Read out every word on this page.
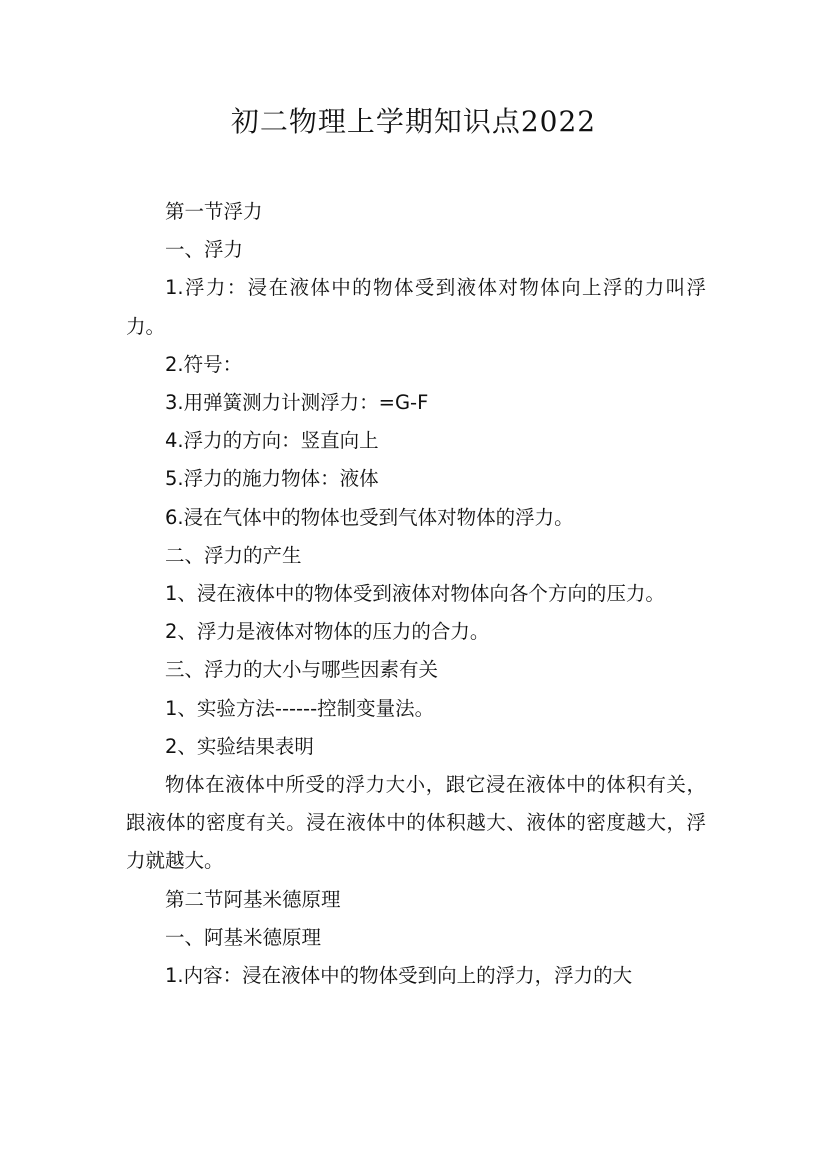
初二物理上学期知识点2022

第一节浮力

一、浮力

1.浮力：浸在液体中的物体受到液体对物体向上浮的力叫浮力。

2.符号：

3.用弹簧测力计测浮力：=G-F

4.浮力的方向：竖直向上

5.浮力的施力物体：液体

6.浸在气体中的物体也受到气体对物体的浮力。

二、浮力的产生

1、浸在液体中的物体受到液体对物体向各个方向的压力。

2、浮力是液体对物体的压力的合力。

三、浮力的大小与哪些因素有关

1、实验方法------控制变量法。

2、实验结果表明

物体在液体中所受的浮力大小，跟它浸在液体中的体积有关，跟液体的密度有关。浸在液体中的体积越大、液体的密度越大，浮力就越大。

第二节阿基米德原理

一、阿基米德原理

1.内容：浸在液体中的物体受到向上的浮力，浮力的大
